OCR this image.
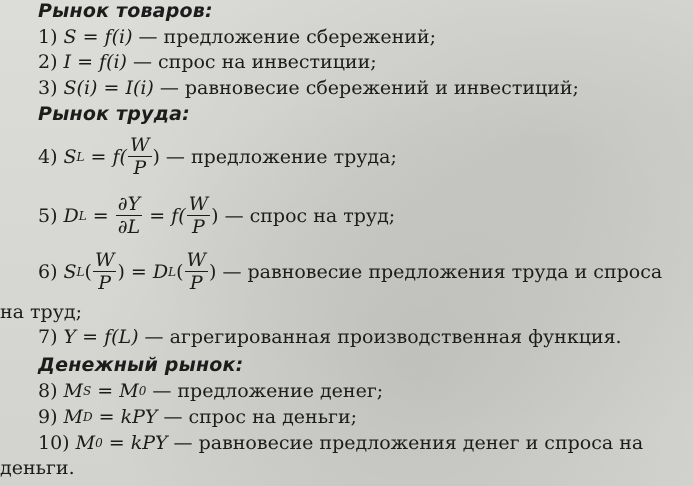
Рынок товаров:
1) S = f(i) — предложение сбережений;
2) I = f(i) — спрос на инвестиции;
3) S(i) = I(i) — равновесие сбережений и инвестиций;
Рынок труда:
4) S $L = f( \frac{W}{P}$ ) — предложение труда;
5) D $L = \frac{\partial Y}{\partial L} = f( \frac{W}{P}$ ) — спрос на труд;
6) S L ( $\frac{W}{P}$ ) = D L ( $\frac{W}{P}$ ) — равновесие предложения труда и спроса
на труд;
7) Y = f(L) — агрегированная производственная функция.
Денежный рынок:
8) M S = M 0 — предложение денег;
9) M D = kPY — спрос на деньги;
10) M 0 = kPY — равновесие предложения денег и спроса на
деньги.
